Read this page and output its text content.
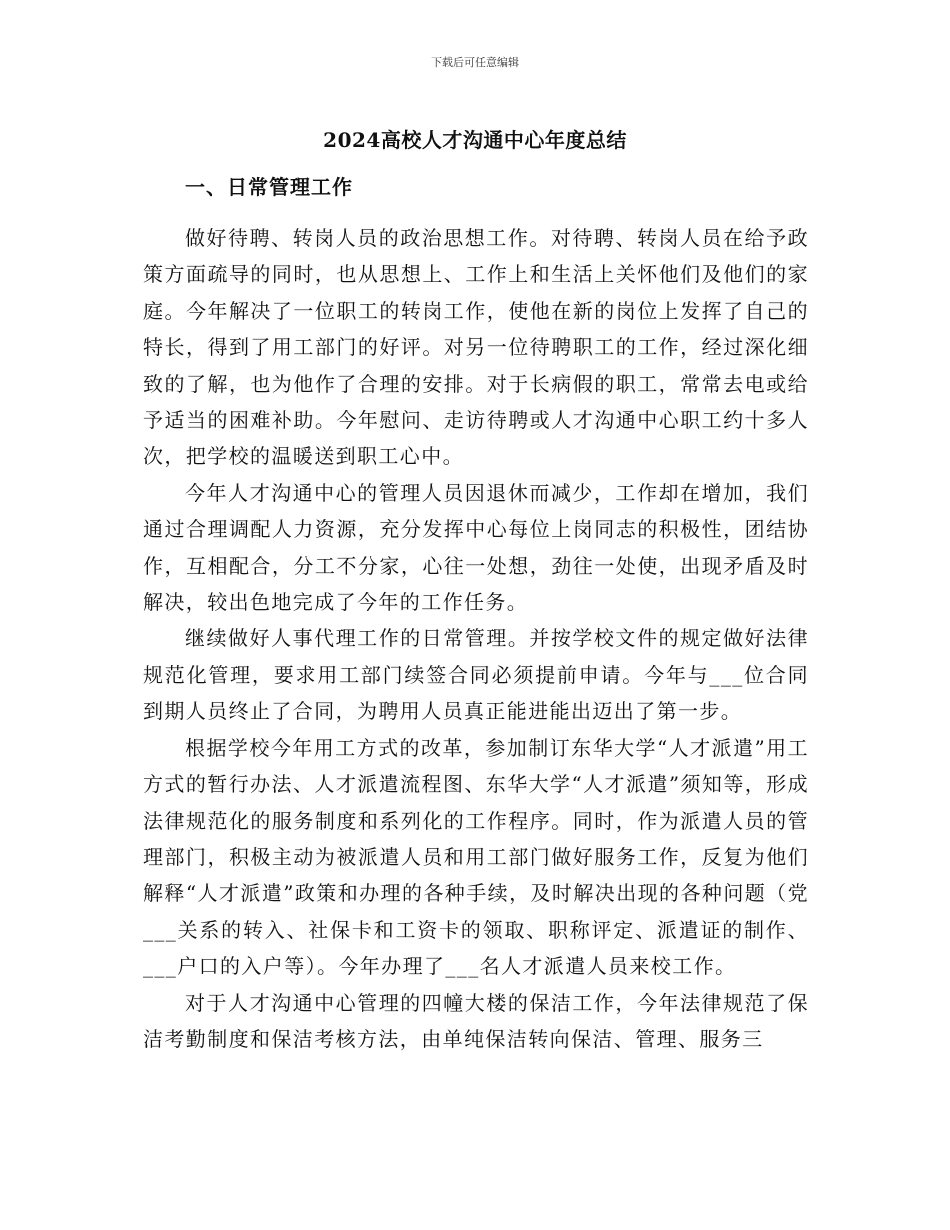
下载后可任意编辑
2024高校人才沟通中心年度总结
一、日常管理工作

做好待聘、转岗人员的政治思想工作。对待聘、转岗人员在给予政策方面疏导的同时，也从思想上、工作上和生活上关怀他们及他们的家庭。今年解决了一位职工的转岗工作，使他在新的岗位上发挥了自己的特长，得到了用工部门的好评。对另一位待聘职工的工作，经过深化细致的了解，也为他作了合理的安排。对于长病假的职工，常常去电或给予适当的困难补助。今年慰问、走访待聘或人才沟通中心职工约十多人次，把学校的温暖送到职工心中。

今年人才沟通中心的管理人员因退休而减少，工作却在增加，我们通过合理调配人力资源，充分发挥中心每位上岗同志的积极性，团结协作，互相配合，分工不分家，心往一处想，劲往一处使，出现矛盾及时解决，较出色地完成了今年的工作任务。

继续做好人事代理工作的日常管理。并按学校文件的规定做好法律规范化管理，要求用工部门续签合同必须提前申请。今年与___位合同到期人员终止了合同，为聘用人员真正能进能出迈出了第一步。

根据学校今年用工方式的改革，参加制订东华大学“人才派遣”用工方式的暂行办法、人才派遣流程图、东华大学“人才派遣”须知等，形成法律规范化的服务制度和系列化的工作程序。同时，作为派遣人员的管理部门，积极主动为被派遣人员和用工部门做好服务工作，反复为他们解释“人才派遣”政策和办理的各种手续，及时解决出现的各种问题（党___关系的转入、社保卡和工资卡的领取、职称评定、派遣证的制作、___户口的入户等）。今年办理了___名人才派遣人员来校工作。

对于人才沟通中心管理的四幢大楼的保洁工作，今年法律规范了保洁考勤制度和保洁考核方法，由单纯保洁转向保洁、管理、服务三
